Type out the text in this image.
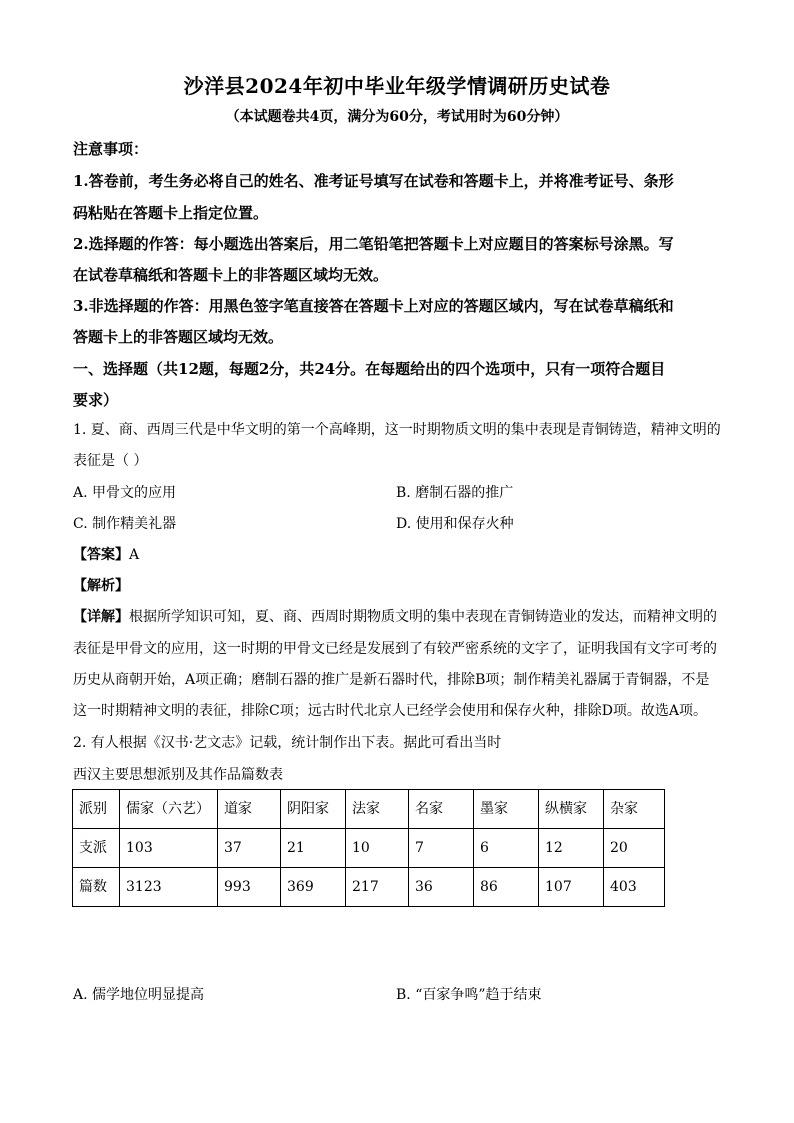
沙洋县2024年初中毕业年级学情调研历史试卷
（本试题卷共4页，满分为60分，考试用时为60分钟）
注意事项：
1.答卷前，考生务必将自己的姓名、准考证号填写在试卷和答题卡上，并将准考证号、条形
码粘贴在答题卡上指定位置。
2.选择题的作答：每小题选出答案后，用二笔铅笔把答题卡上对应题目的答案标号涂黑。写
在试卷草稿纸和答题卡上的非答题区域均无效。
3.非选择题的作答：用黑色签字笔直接答在答题卡上对应的答题区域内，写在试卷草稿纸和
答题卡上的非答题区域均无效。
一、选择题（共12题，每题2分，共24分。在每题给出的四个选项中，只有一项符合题目
要求）
1. 夏、商、西周三代是中华文明的第一个高峰期，这一时期物质文明的集中表现是青铜铸造，精神文明的
表征是（ ）
A. 甲骨文的应用	B. 磨制石器的推广
C. 制作精美礼器	D. 使用和保存火种
【答案】A
【解析】
【详解】根据所学知识可知，夏、商、西周时期物质文明的集中表现在青铜铸造业的发达，而精神文明的
表征是甲骨文的应用，这一时期的甲骨文已经是发展到了有较严密系统的文字了，证明我国有文字可考的
历史从商朝开始，A项正确；磨制石器的推广是新石器时代，排除B项；制作精美礼器属于青铜器，不是
这一时期精神文明的表征，排除C项；远古时代北京人已经学会使用和保存火种，排除D项。故选A项。
2. 有人根据《汉书·艺文志》记载，统计制作出下表。据此可看出当时
西汉主要思想派别及其作品篇数表
派别	儒家（六艺）	道家	阴阳家	法家	名家	墨家	纵横家	杂家
支派	103	37	21	10	7	6	12	20
篇数	3123	993	369	217	36	86	107	403
A. 儒学地位明显提高	B. “百家争鸣”趋于结束
